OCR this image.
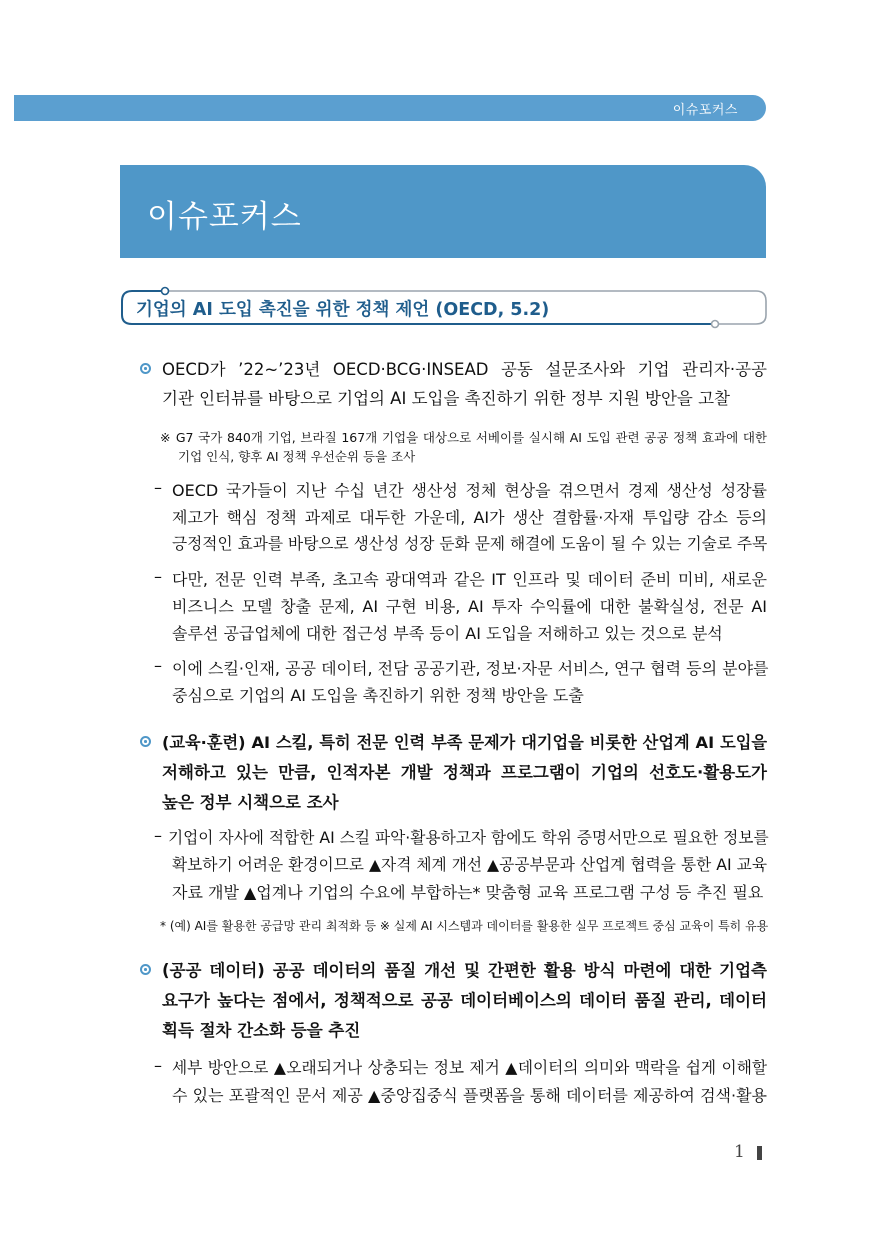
이슈포커스
이슈포커스
기업의 AI 도입 촉진을 위한 정책 제언 (OECD, 5.2)
OECD가 ’22~’23년 OECD·BCG·INSEAD 공동 설문조사와 기업 관리자·공공
기관 인터뷰를 바탕으로 기업의 AI 도입을 촉진하기 위한 정부 지원 방안을 고찰
※ G7 국가 840개 기업, 브라질 167개 기업을 대상으로 서베이를 실시해 AI 도입 관련 공공 정책 효과에 대한
기업 인식, 향후 AI 정책 우선순위 등을 조사
– OECD 국가들이 지난 수십 년간 생산성 정체 현상을 겪으면서 경제 생산성 성장률
제고가 핵심 정책 과제로 대두한 가운데, AI가 생산 결함률·자재 투입량 감소 등의
긍정적인 효과를 바탕으로 생산성 성장 둔화 문제 해결에 도움이 될 수 있는 기술로 주목
– 다만, 전문 인력 부족, 초고속 광대역과 같은 IT 인프라 및 데이터 준비 미비, 새로운
비즈니스 모델 창출 문제, AI 구현 비용, AI 투자 수익률에 대한 불확실성, 전문 AI
솔루션 공급업체에 대한 접근성 부족 등이 AI 도입을 저해하고 있는 것으로 분석
– 이에 스킬·인재, 공공 데이터, 전담 공공기관, 정보·자문 서비스, 연구 협력 등의 분야를
중심으로 기업의 AI 도입을 촉진하기 위한 정책 방안을 도출
(교육·훈련) AI 스킬, 특히 전문 인력 부족 문제가 대기업을 비롯한 산업계 AI 도입을
저해하고 있는 만큼, 인적자본 개발 정책과 프로그램이 기업의 선호도·활용도가
높은 정부 시책으로 조사
– 기업이 자사에 적합한 AI 스킬 파악·활용하고자 함에도 학위 증명서만으로 필요한 정보를
확보하기 어려운 환경이므로 ▲자격 체계 개선 ▲공공부문과 산업계 협력을 통한 AI 교육
자료 개발 ▲업계나 기업의 수요에 부합하는* 맞춤형 교육 프로그램 구성 등 추진 필요
* (예) AI를 활용한 공급망 관리 최적화 등 ※ 실제 AI 시스템과 데이터를 활용한 실무 프로젝트 중심 교육이 특히 유용
(공공 데이터) 공공 데이터의 품질 개선 및 간편한 활용 방식 마련에 대한 기업측
요구가 높다는 점에서, 정책적으로 공공 데이터베이스의 데이터 품질 관리, 데이터
획득 절차 간소화 등을 추진
– 세부 방안으로 ▲오래되거나 상충되는 정보 제거 ▲데이터의 의미와 맥락을 쉽게 이해할
수 있는 포괄적인 문서 제공 ▲중앙집중식 플랫폼을 통해 데이터를 제공하여 검색·활용
1
